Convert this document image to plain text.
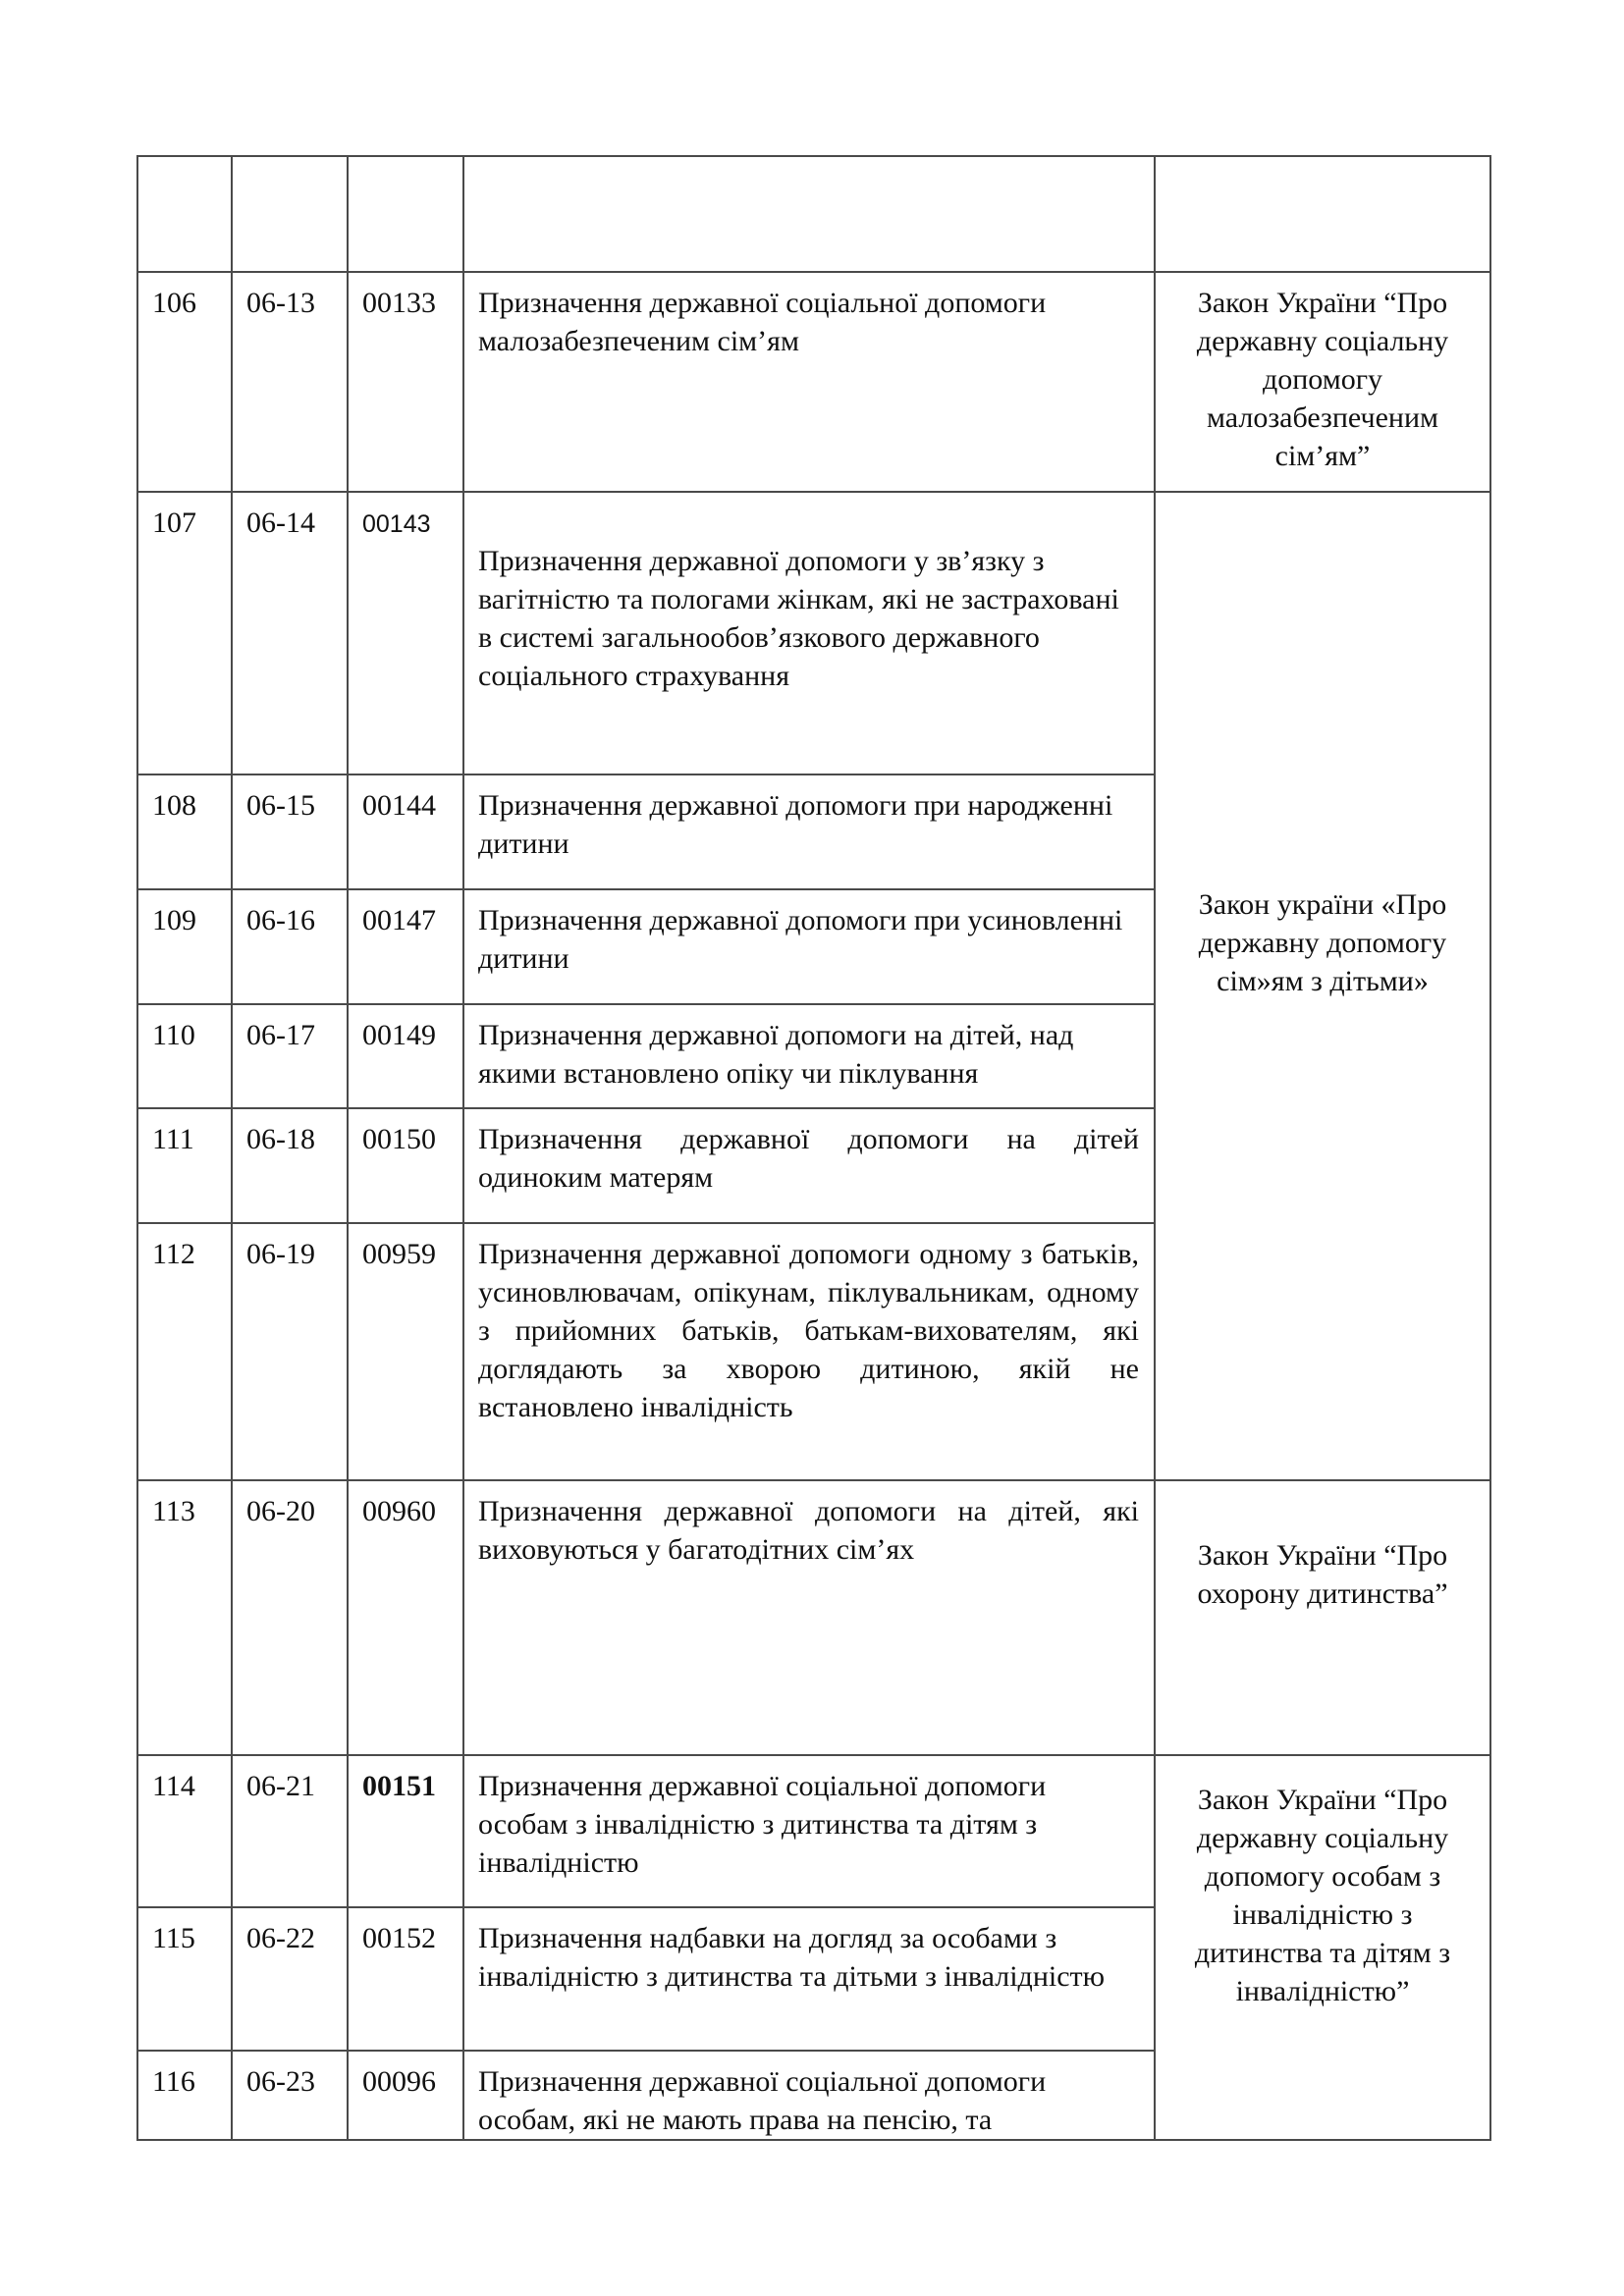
106	06-13	00133	Призначення державної соціальної допомоги малозабезпеченим сім’ям	Закон України “Про державну соціальну допомогу малозабезпеченим сім’ям”
107	06-14	00143	Призначення державної допомоги у зв’язку з вагітністю та пологами жінкам, які не застраховані в системі загальнообов’язкового державного соціального страхування	Закон україни «Про державну допомогу сім»ям з дітьми»
108	06-15	00144	Призначення державної допомоги при народженні дитини	
109	06-16	00147	Призначення державної допомоги при усиновленні дитини	
110	06-17	00149	Призначення державної допомоги на дітей, над якими встановлено опіку чи піклування	
111	06-18	00150	Призначення державної допомоги на дітей одиноким матерям	
112	06-19	00959	Призначення державної допомоги одному з батьків, усиновлювачам, опікунам, піклувальникам, одному з прийомних батьків, батькам-вихователям, які доглядають за хворою дитиною, якій не встановлено інвалідність	
113	06-20	00960	Призначення державної допомоги на дітей, які виховуються у багатодітних сім’ях	Закон України “Про охорону дитинства”
114	06-21	00151	Призначення державної соціальної допомоги особам з інвалідністю з дитинства та дітям з інвалідністю	Закон України “Про державну соціальну допомогу особам з інвалідністю з дитинства та дітям з інвалідністю”
115	06-22	00152	Призначення надбавки на догляд за особами з інвалідністю з дитинства та дітьми з інвалідністю	
116	06-23	00096	Призначення державної соціальної допомоги особам, які не мають права на пенсію, та	
